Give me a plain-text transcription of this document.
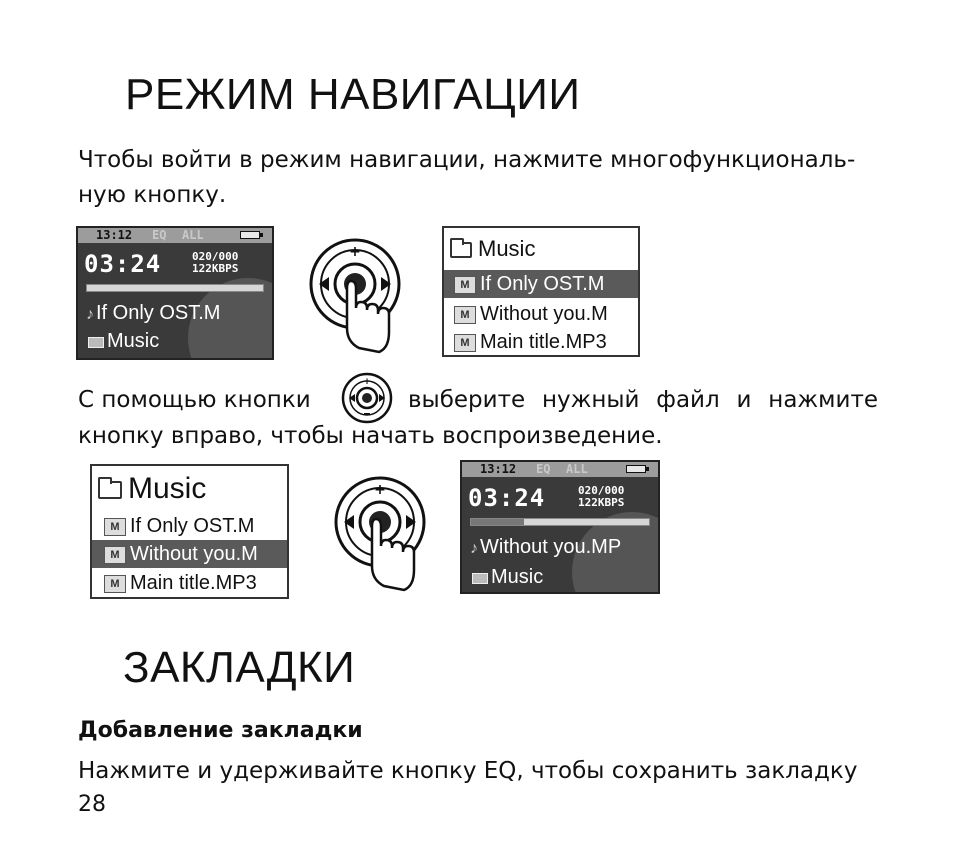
РЕЖИМ НАВИГАЦИИ
Чтобы войти в режим навигации, нажмите многофункциональ-
ную кнопку.
13:12 EQ ALL
03:24	020/000
122KBPS
♪ If Only OST.M
Music
+	Music
M If Only OST.M
M Without you.M
M Main title.MP3
С помощью кнопки
+
выберите нужный файл и нажмите
кнопку вправо, чтобы начать воспроизведение.
Music
M If Only OST.M
M Without you.M
M Main title.MP3
+
13:12 EQ ALL
03:24	020/000
122KBPS
♪ Without you.MP
Music
ЗАКЛАДКИ
Добавление закладки
Нажмите и удерживайте кнопку EQ, чтобы сохранить закладку
28
